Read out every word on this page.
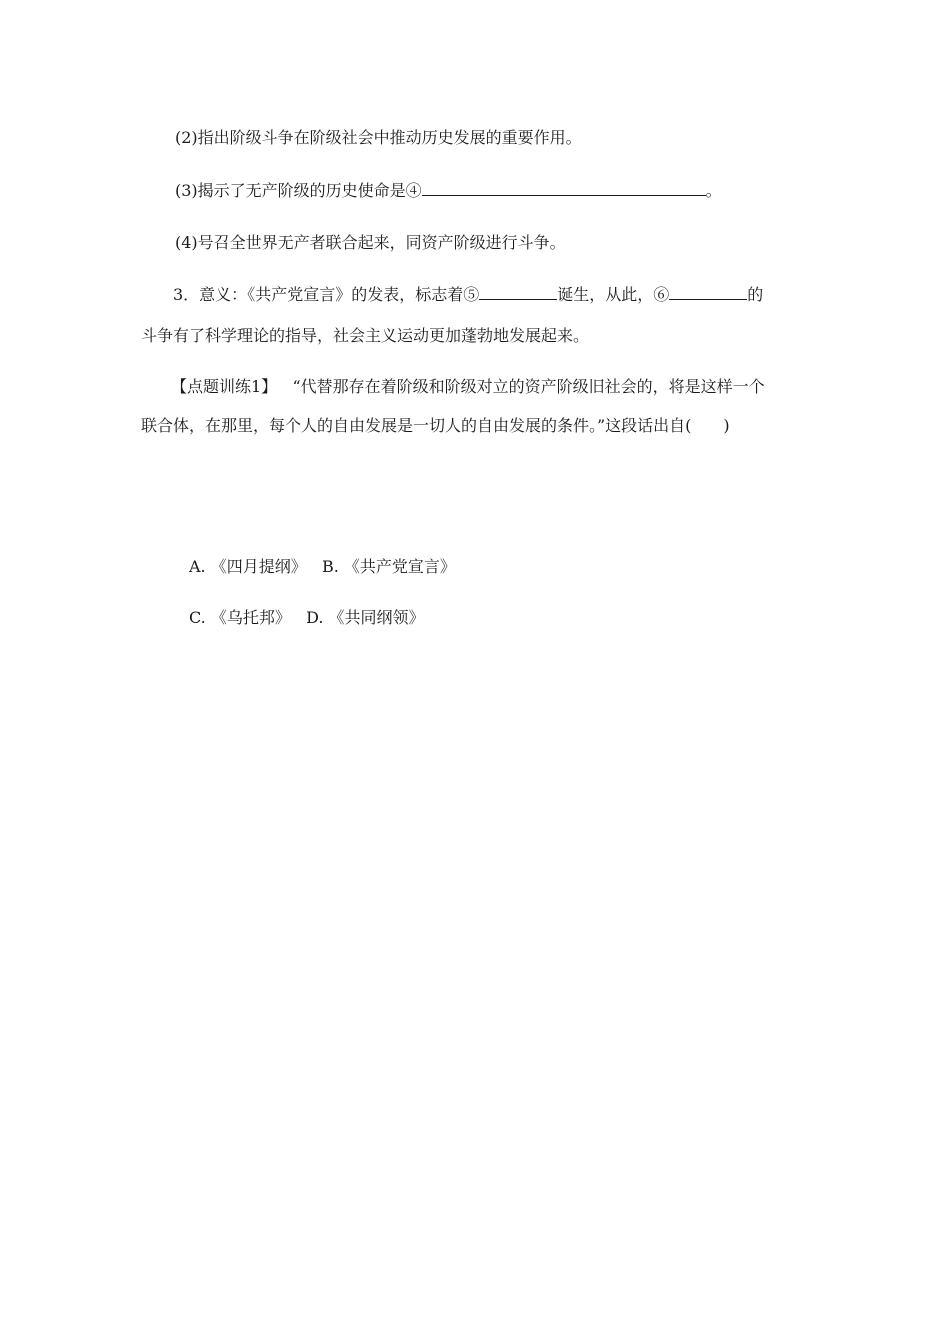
(2)指出阶级斗争在阶级社会中推动历史发展的重要作用。
(3)揭示了无产阶级的历史使命是④	。
(4)号召全世界无产者联合起来，同资产阶级进行斗争。
3．意义：《共产党宣言》的发表，标志着⑤	诞生，从此，⑥	的
斗争有了科学理论的指导，社会主义运动更加蓬勃地发展起来。
【点题训练1】 “代替那存在着阶级和阶级对立的资产阶级旧社会的，将是这样一个
联合体，在那里，每个人的自由发展是一切人的自由发展的条件。”这段话出自(　　)
A. 《四月提纲》 B. 《共产党宣言》
C. 《乌托邦》 D. 《共同纲领》
